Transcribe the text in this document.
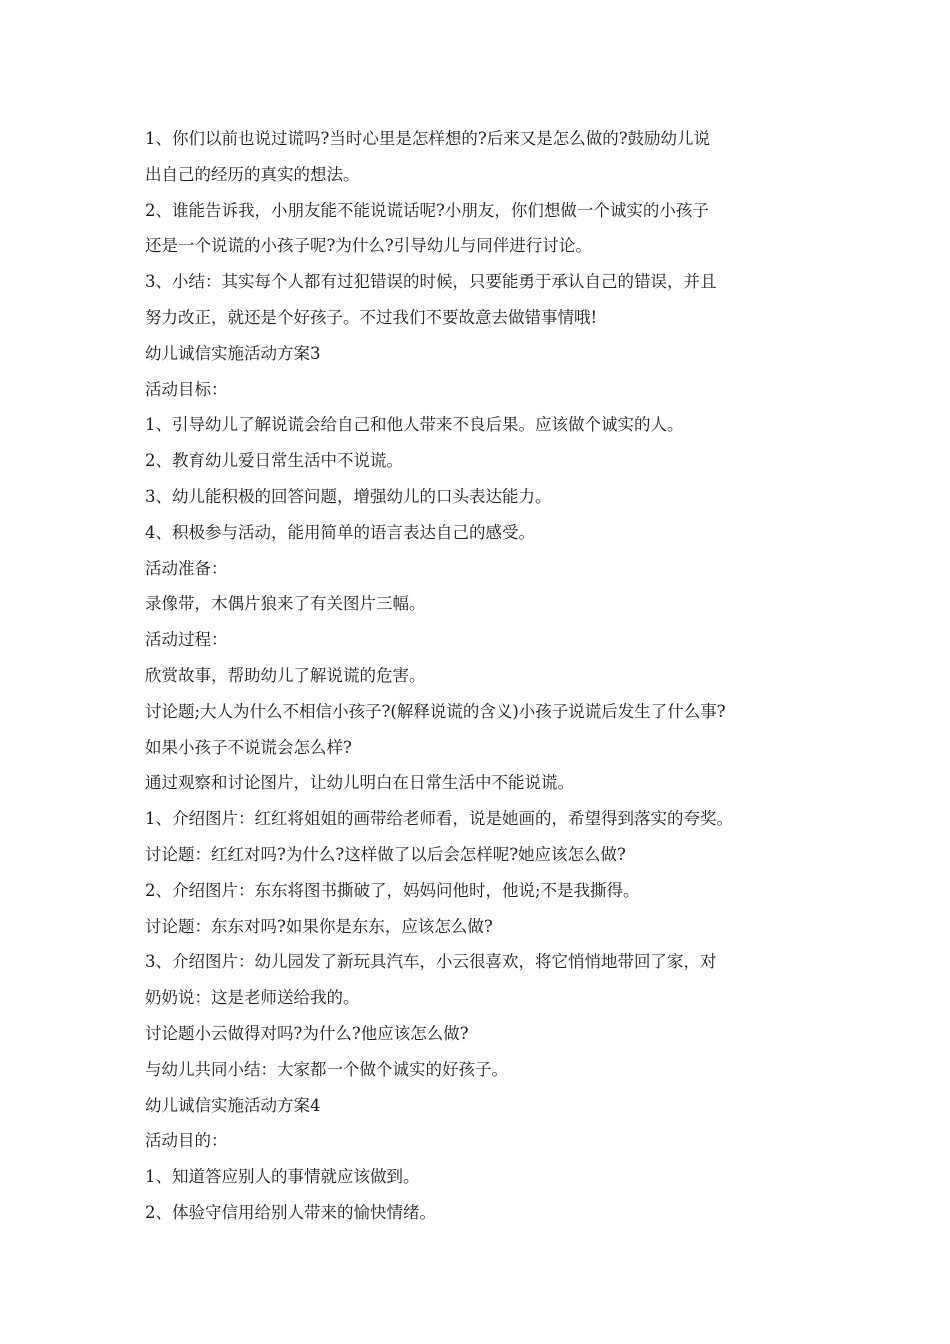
1、你们以前也说过谎吗?当时心里是怎样想的?后来又是怎么做的?鼓励幼儿说

出自己的经历的真实的想法。

2、谁能告诉我，小朋友能不能说谎话呢?小朋友，你们想做一个诚实的小孩子

还是一个说谎的小孩子呢?为什么?引导幼儿与同伴进行讨论。

3、小结：其实每个人都有过犯错误的时候，只要能勇于承认自己的错误，并且

努力改正，就还是个好孩子。不过我们不要故意去做错事情哦!

幼儿诚信实施活动方案3

活动目标：

1、引导幼儿了解说谎会给自己和他人带来不良后果。应该做个诚实的人。

2、教育幼儿爱日常生活中不说谎。

3、幼儿能积极的回答问题，增强幼儿的口头表达能力。

4、积极参与活动，能用简单的语言表达自己的感受。

活动准备：

录像带，木偶片狼来了有关图片三幅。

活动过程：

欣赏故事，帮助幼儿了解说谎的危害。

讨论题;大人为什么不相信小孩子?(解释说谎的含义)小孩子说谎后发生了什么事?

如果小孩子不说谎会怎么样?

通过观察和讨论图片，让幼儿明白在日常生活中不能说谎。

1、介绍图片：红红将姐姐的画带给老师看，说是她画的，希望得到落实的夸奖。

讨论题：红红对吗?为什么?这样做了以后会怎样呢?她应该怎么做?

2、介绍图片：东东将图书撕破了，妈妈问他时，他说;不是我撕得。

讨论题：东东对吗?如果你是东东，应该怎么做?

3、介绍图片：幼儿园发了新玩具汽车，小云很喜欢，将它悄悄地带回了家，对

奶奶说：这是老师送给我的。

讨论题小云做得对吗?为什么?他应该怎么做?

与幼儿共同小结：大家都一个做个诚实的好孩子。

幼儿诚信实施活动方案4

活动目的：

1、知道答应别人的事情就应该做到。

2、体验守信用给别人带来的愉快情绪。
